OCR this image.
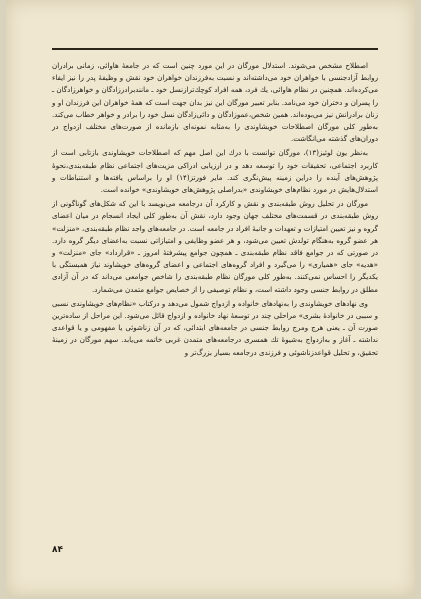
اصطلاح مشخص می‌شوند. استدلال مورگان در این مورد چنین است که در جامعهٔ هاوائی، زمانی برادران روابط آزادجنسی با خواهران خود می‌داشته‌اند و نسبت به‌فرزندان خواهران خود نقش و وظیفهٔ پدر را نیز ایفاء می‌کرده‌اند. همچنین در نظام هاوائی، یك فرد، همه افراد کوچك‌ترازنسل خود ـ مانندبرادرزادگان و خواهرزادگان ـ را پسران و دختران خود می‌نامد. بنابر تعبیر مورگان این نیز بدان جهت است که همهٔ خواهران این فرزندان او و زنان برادرانش نیز می‌بوده‌اند. همین شخص،عموزادگان و دائی‌زادگان نسل خود را برادر و خواهر خطاب می‌کند. به‌طور کلی مورگان اصطلاحات خویشاوندی را به‌مثابه نمونه‌ای بازمانده از صورت‌های مختلف ازدواج در دوران‌های گذشته می‌انگاشت.

به‌نظر یون لوئیز(۱۳)، مورگان توانست با درك این اصل مهم که اصطلاحات خویشاوندی بازتابی است از کاربرد اجتماعی، تحقیقات خود را توسعه دهد و در ارزیابی ادراکی مزیت‌های اجتماعی نظام طبقه‌بندی،نحوهٔ پژوهش‌های آینده را دراین زمینه پیش‌نگری کند. مایر فورتز(۱۴) او را براساس یافته‌ها و استنباطات و استدلال‌هایش در مورد نظام‌های خویشاوندی «بدراصلی پژوهش‌های خویشاوندی» خوانده است.

مورگان در تحلیل روش طبقه‌بندی و نقش و کارکرد آن درجامعه می‌نویسد با این که شکل‌های گوناگونی از روش طبقه‌بندی در قسمت‌های مختلف جهان وجود دارد، نقش آن به‌طور کلی ایجاد انسجام در میان اعضای گروه و نیز تعیین امتیازات و تعهدات و جانبهٔ افراد در جامعه است. در جامعه‌های واجد نظام طبقه‌بندی، «منزلت» هر عضو گروه به‌هنگام تولدش تعیین می‌شود، و هر عضو وظایفی و امتیازاتی نسبت به‌اعضای دیگر گروه دارد. در صورتی که در جوامع فاقد نظام طبقه‌بندی ـ همچون جوامع پیشرفتهٔ امروز ـ «قرارداد» جای «منزلت» و «هدیه» جای «همیاری» را می‌گیرد و افراد گروه‌های اجتماعی و اعضای گروه‌های خویشاوند نیاز همبستگی با یکدیگر را احساس نمی‌کنند. به‌طور کلی مورگان نظام طبقه‌بندی را شاخص جوامعی می‌داند که در آن آزادی مطلق در روابط جنسی وجود داشته است، و نظام توصیفی را از خصایص جوامع متمدن می‌شمارد.

وی نهادهای خویشاوندی را به‌نهادهای خانواده و ازدواج شمول می‌دهد و درکتاب «نظام‌های خویشاوندی نسبی و سببی در خانوادهٔ بشری» مراحلی چند در توسعهٔ نهاد خانواده و ازدواج قائل می‌شود. این مراحل از ساده‌ترین صورت آن ـ یعنی هرج ومرج روابط جنسی در جامعه‌های ابتدائی، که در آن زناشوئی یا مفهومی و یا قواعدی نداشته ـ آغاز و به‌ازدواج به‌شیوهٔ تك همسری درجامعه‌های متمدن غربی خاتمه می‌یابد. سهم مورگان در زمینهٔ تحقیق، و تحلیل قواعدزناشوئی و فرزندی درجامعه بسیار بزرگ‌تر و

۸۴
